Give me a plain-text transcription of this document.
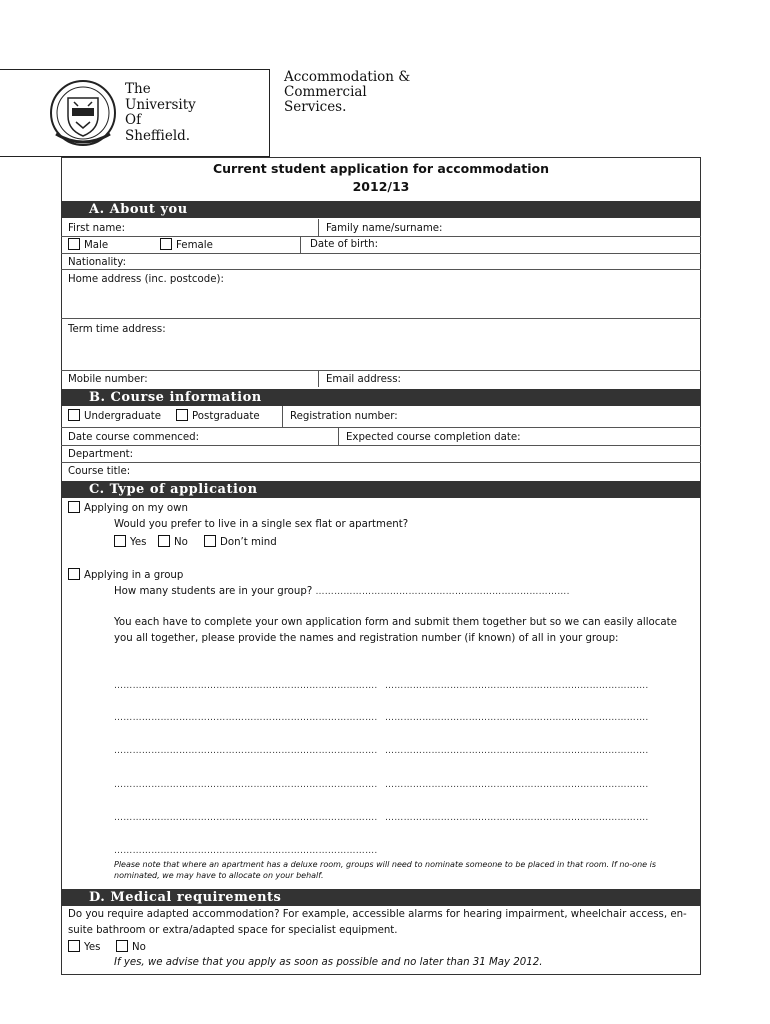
The
University
Of
Sheffield.
Accommodation &
Commercial
Services.
Current student application for accommodation
2012/13
A. About you
First name:	Family name/surname:
Male	Female	Date of birth:
Nationality:
Home address (inc. postcode):
Term time address:
Mobile number:	Email address:
B. Course information
Undergraduate	Postgraduate	Registration number:
Date course commenced:	Expected course completion date:
Department:
Course title:
C. Type of application
Applying on my own
Would you prefer to live in a single sex flat or apartment?
Yes	No	Don’t mind
Applying in a group
How many students are in your group? ……………………………………………………………………….
You each have to complete your own application form and submit them together but so we can easily allocate you all together, please provide the names and registration number (if known) of all in your group:
…………………………………………………………………………. ………………………………………………………………………….
…………………………………………………………………………. ………………………………………………………………………….
…………………………………………………………………………. ………………………………………………………………………….
…………………………………………………………………………. ………………………………………………………………………….
…………………………………………………………………………. ………………………………………………………………………….
………………………………………………………………………….
Please note that where an apartment has a deluxe room, groups will need to nominate someone to be placed in that room. If no-one is nominated, we may have to allocate on your behalf.
D. Medical requirements
Do you require adapted accommodation? For example, accessible alarms for hearing impairment, wheelchair access, en-suite bathroom or extra/adapted space for specialist equipment.
Yes	No
If yes, we advise that you apply as soon as possible and no later than 31 May 2012.
